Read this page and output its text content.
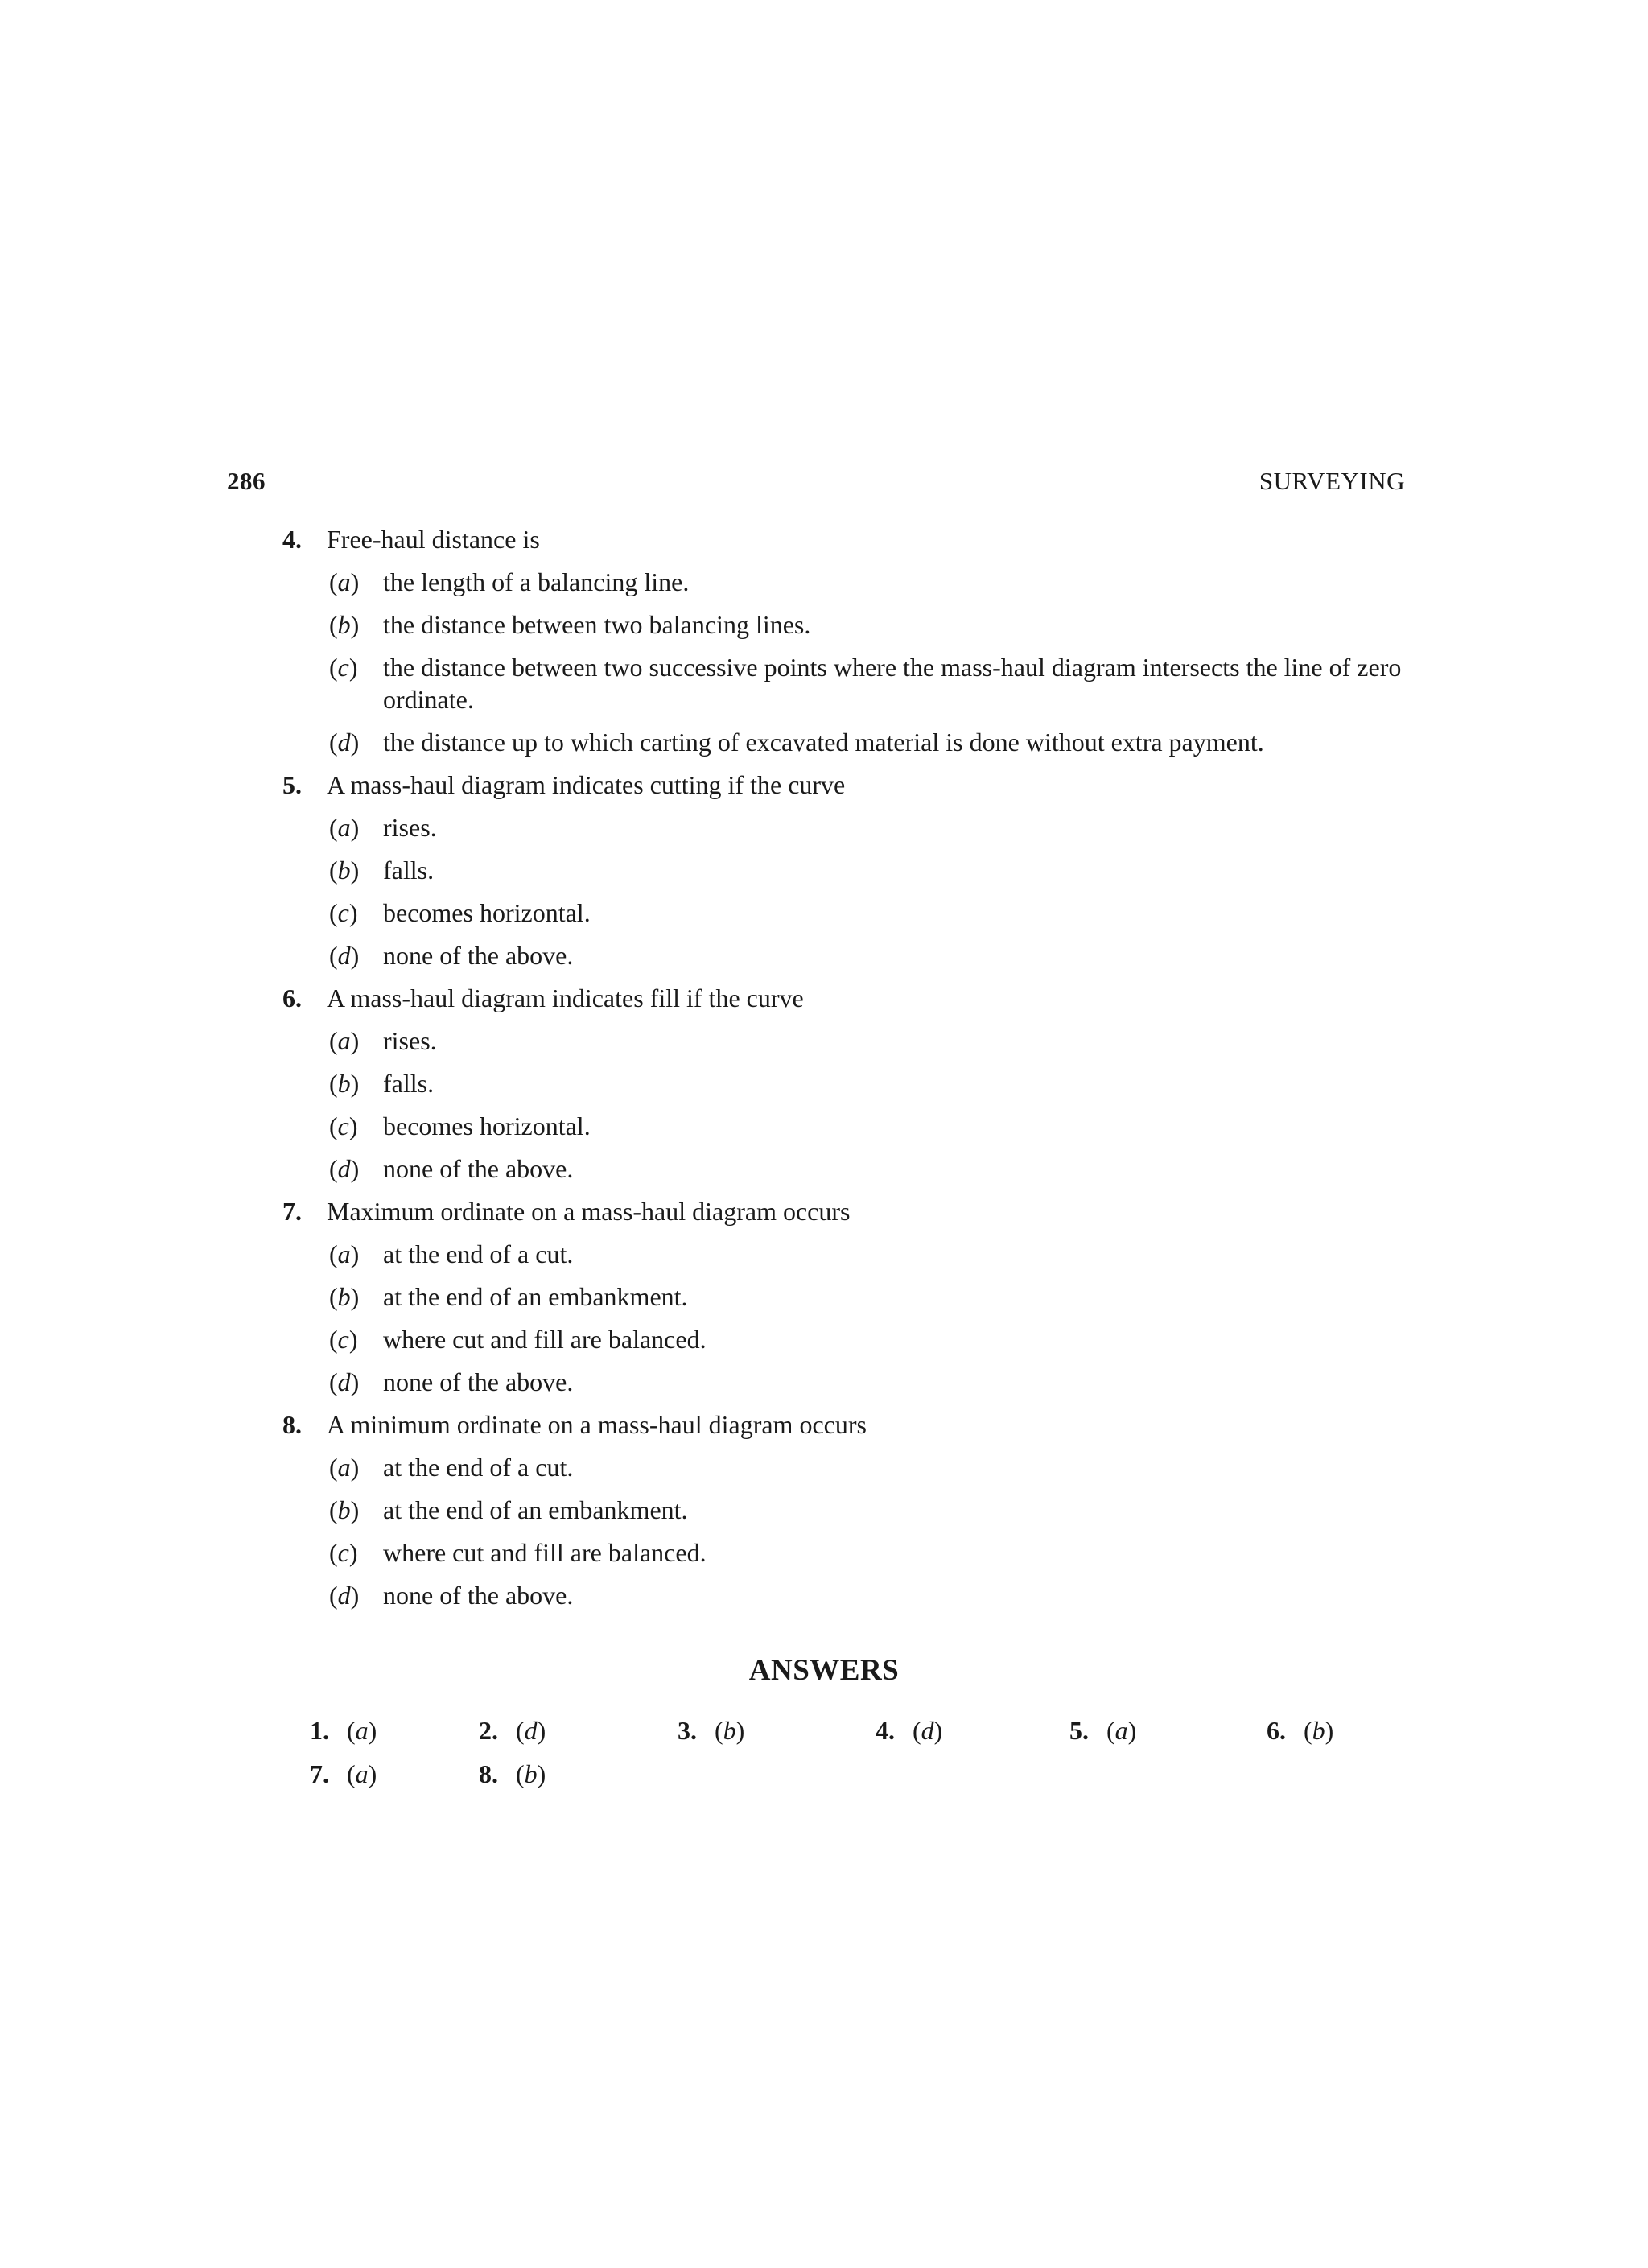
286	SURVEYING
4. Free-haul distance is
(a) the length of a balancing line.
(b) the distance between two balancing lines.
(c) the distance between two successive points where the mass-haul diagram intersects the line of zero ordinate.
(d) the distance up to which carting of excavated material is done without extra payment.
5. A mass-haul diagram indicates cutting if the curve
(a) rises.
(b) falls.
(c) becomes horizontal.
(d) none of the above.
6. A mass-haul diagram indicates fill if the curve
(a) rises.
(b) falls.
(c) becomes horizontal.
(d) none of the above.
7. Maximum ordinate on a mass-haul diagram occurs
(a) at the end of a cut.
(b) at the end of an embankment.
(c) where cut and fill are balanced.
(d) none of the above.
8. A minimum ordinate on a mass-haul diagram occurs
(a) at the end of a cut.
(b) at the end of an embankment.
(c) where cut and fill are balanced.
(d) none of the above.
ANSWERS
1. (a)	2. (d)	3. (b)	4. (d)	5. (a)	6. (b)
7. (a)	8. (b)
